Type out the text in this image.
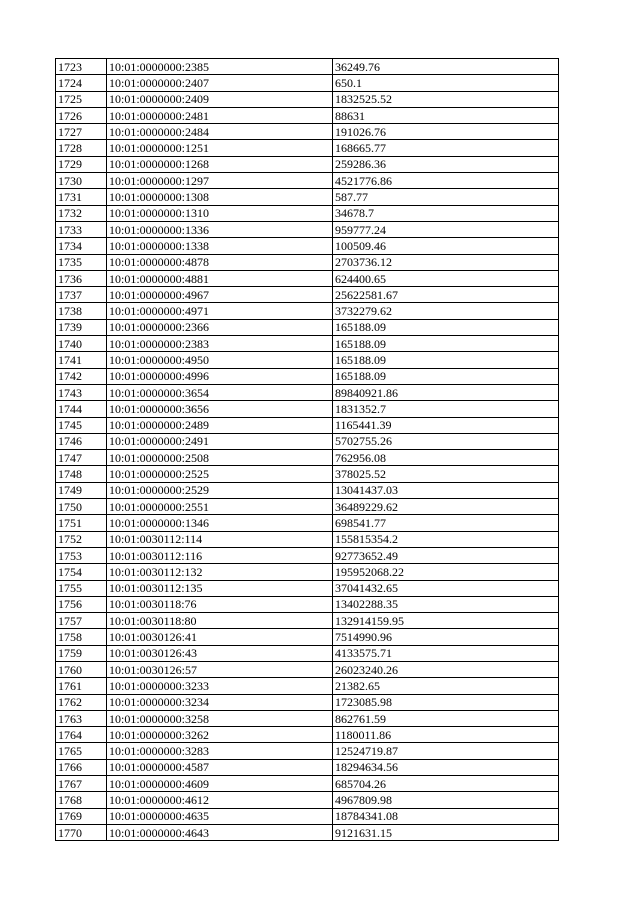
1723	10:01:0000000:2385	36249.76
1724	10:01:0000000:2407	650.1
1725	10:01:0000000:2409	1832525.52
1726	10:01:0000000:2481	88631
1727	10:01:0000000:2484	191026.76
1728	10:01:0000000:1251	168665.77
1729	10:01:0000000:1268	259286.36
1730	10:01:0000000:1297	4521776.86
1731	10:01:0000000:1308	587.77
1732	10:01:0000000:1310	34678.7
1733	10:01:0000000:1336	959777.24
1734	10:01:0000000:1338	100509.46
1735	10:01:0000000:4878	2703736.12
1736	10:01:0000000:4881	624400.65
1737	10:01:0000000:4967	25622581.67
1738	10:01:0000000:4971	3732279.62
1739	10:01:0000000:2366	165188.09
1740	10:01:0000000:2383	165188.09
1741	10:01:0000000:4950	165188.09
1742	10:01:0000000:4996	165188.09
1743	10:01:0000000:3654	89840921.86
1744	10:01:0000000:3656	1831352.7
1745	10:01:0000000:2489	1165441.39
1746	10:01:0000000:2491	5702755.26
1747	10:01:0000000:2508	762956.08
1748	10:01:0000000:2525	378025.52
1749	10:01:0000000:2529	13041437.03
1750	10:01:0000000:2551	36489229.62
1751	10:01:0000000:1346	698541.77
1752	10:01:0030112:114	155815354.2
1753	10:01:0030112:116	92773652.49
1754	10:01:0030112:132	195952068.22
1755	10:01:0030112:135	37041432.65
1756	10:01:0030118:76	13402288.35
1757	10:01:0030118:80	132914159.95
1758	10:01:0030126:41	7514990.96
1759	10:01:0030126:43	4133575.71
1760	10:01:0030126:57	26023240.26
1761	10:01:0000000:3233	21382.65
1762	10:01:0000000:3234	1723085.98
1763	10:01:0000000:3258	862761.59
1764	10:01:0000000:3262	1180011.86
1765	10:01:0000000:3283	12524719.87
1766	10:01:0000000:4587	18294634.56
1767	10:01:0000000:4609	685704.26
1768	10:01:0000000:4612	4967809.98
1769	10:01:0000000:4635	18784341.08
1770	10:01:0000000:4643	9121631.15
